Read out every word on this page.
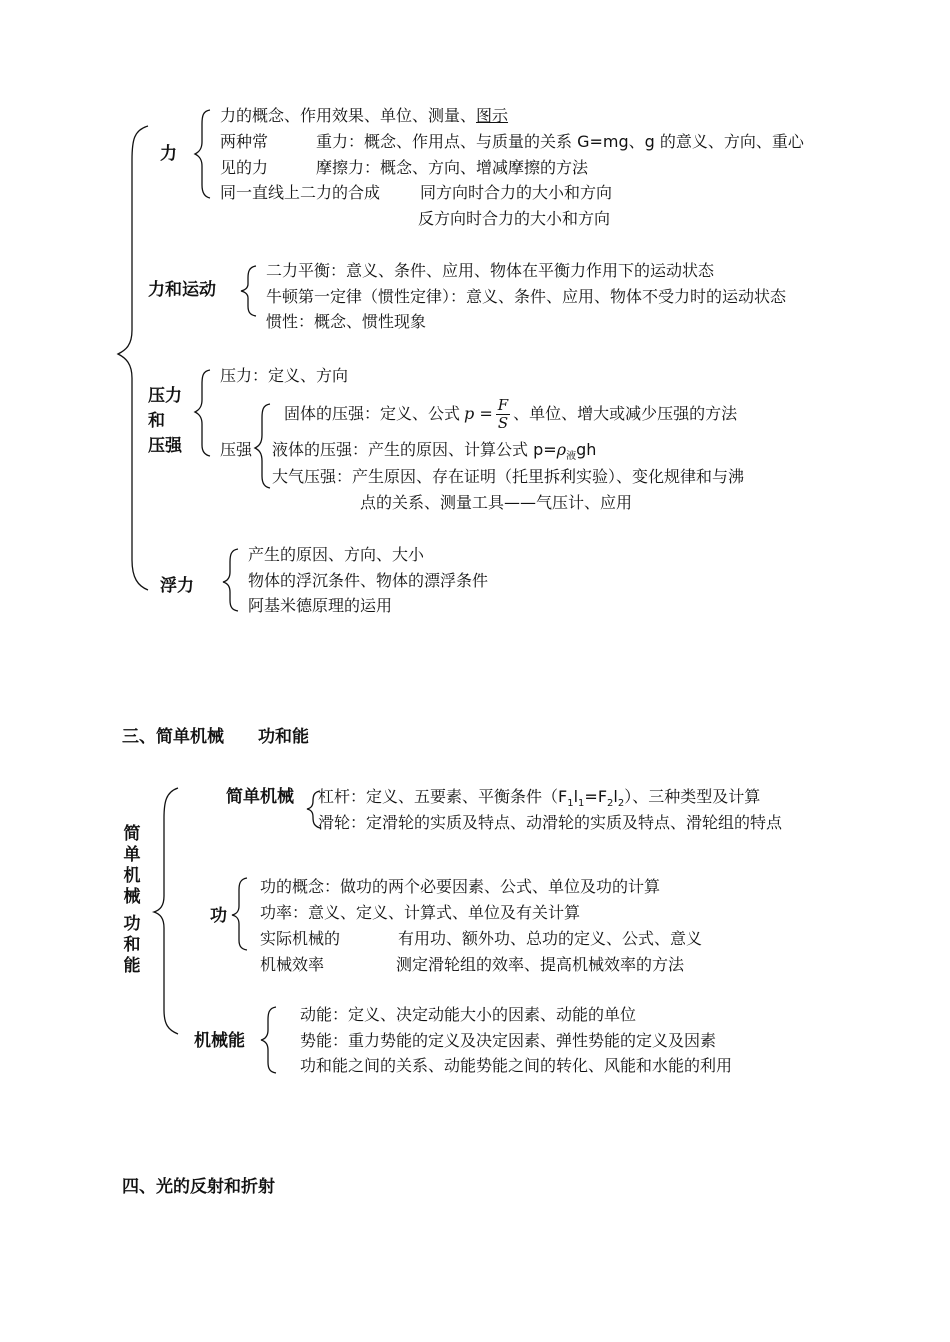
力
力的概念、作用效果、单位、测量、图示
两种常	重力：概念、作用点、与质量的关系 G=mg、g 的意义、方向、重心
见的力	摩擦力：概念、方向、增减摩擦的方法
同一直线上二力的合成 同方向时合力的大小和方向
反方向时合力的大小和方向
力和运动
二力平衡：意义、条件、应用、物体在平衡力作用下的运动状态
牛顿第一定律（惯性定律）：意义、条件、应用、物体不受力时的运动状态
惯性：概念、惯性现象
压力
和
压强
压力：定义、方向
压强
固体的压强：定义、公式 $p = \frac{F}{S}$ 、单位、增大或减少压强的方法
液体的压强：产生的原因、计算公式 $p=\rho_液gh$
大气压强：产生原因、存在证明（托里拆利实验）、变化规律和与沸
点的关系、测量工具——气压计、应用
浮力
产生的原因、方向、大小
物体的浮沉条件、物体的漂浮条件
阿基米德原理的运用
三、简单机械　　功和能
简
单
机
械
功
和
能
简单机械 杠杆：定义、五要素、平衡条件$(F_1l_1=F_2l_2)$、三种类型及计算
滑轮：定滑轮的实质及特点、动滑轮的实质及特点、滑轮组的特点
功
功的概念：做功的两个必要因素、公式、单位及功的计算
功率：意义、定义、计算式、单位及有关计算
实际机械的	有用功、额外功、总功的定义、公式、意义
机械效率	测定滑轮组的效率、提高机械效率的方法
机械能
动能：定义、决定动能大小的因素、动能的单位
势能：重力势能的定义及决定因素、弹性势能的定义及因素
功和能之间的关系、动能势能之间的转化、风能和水能的利用
四、光的反射和折射
